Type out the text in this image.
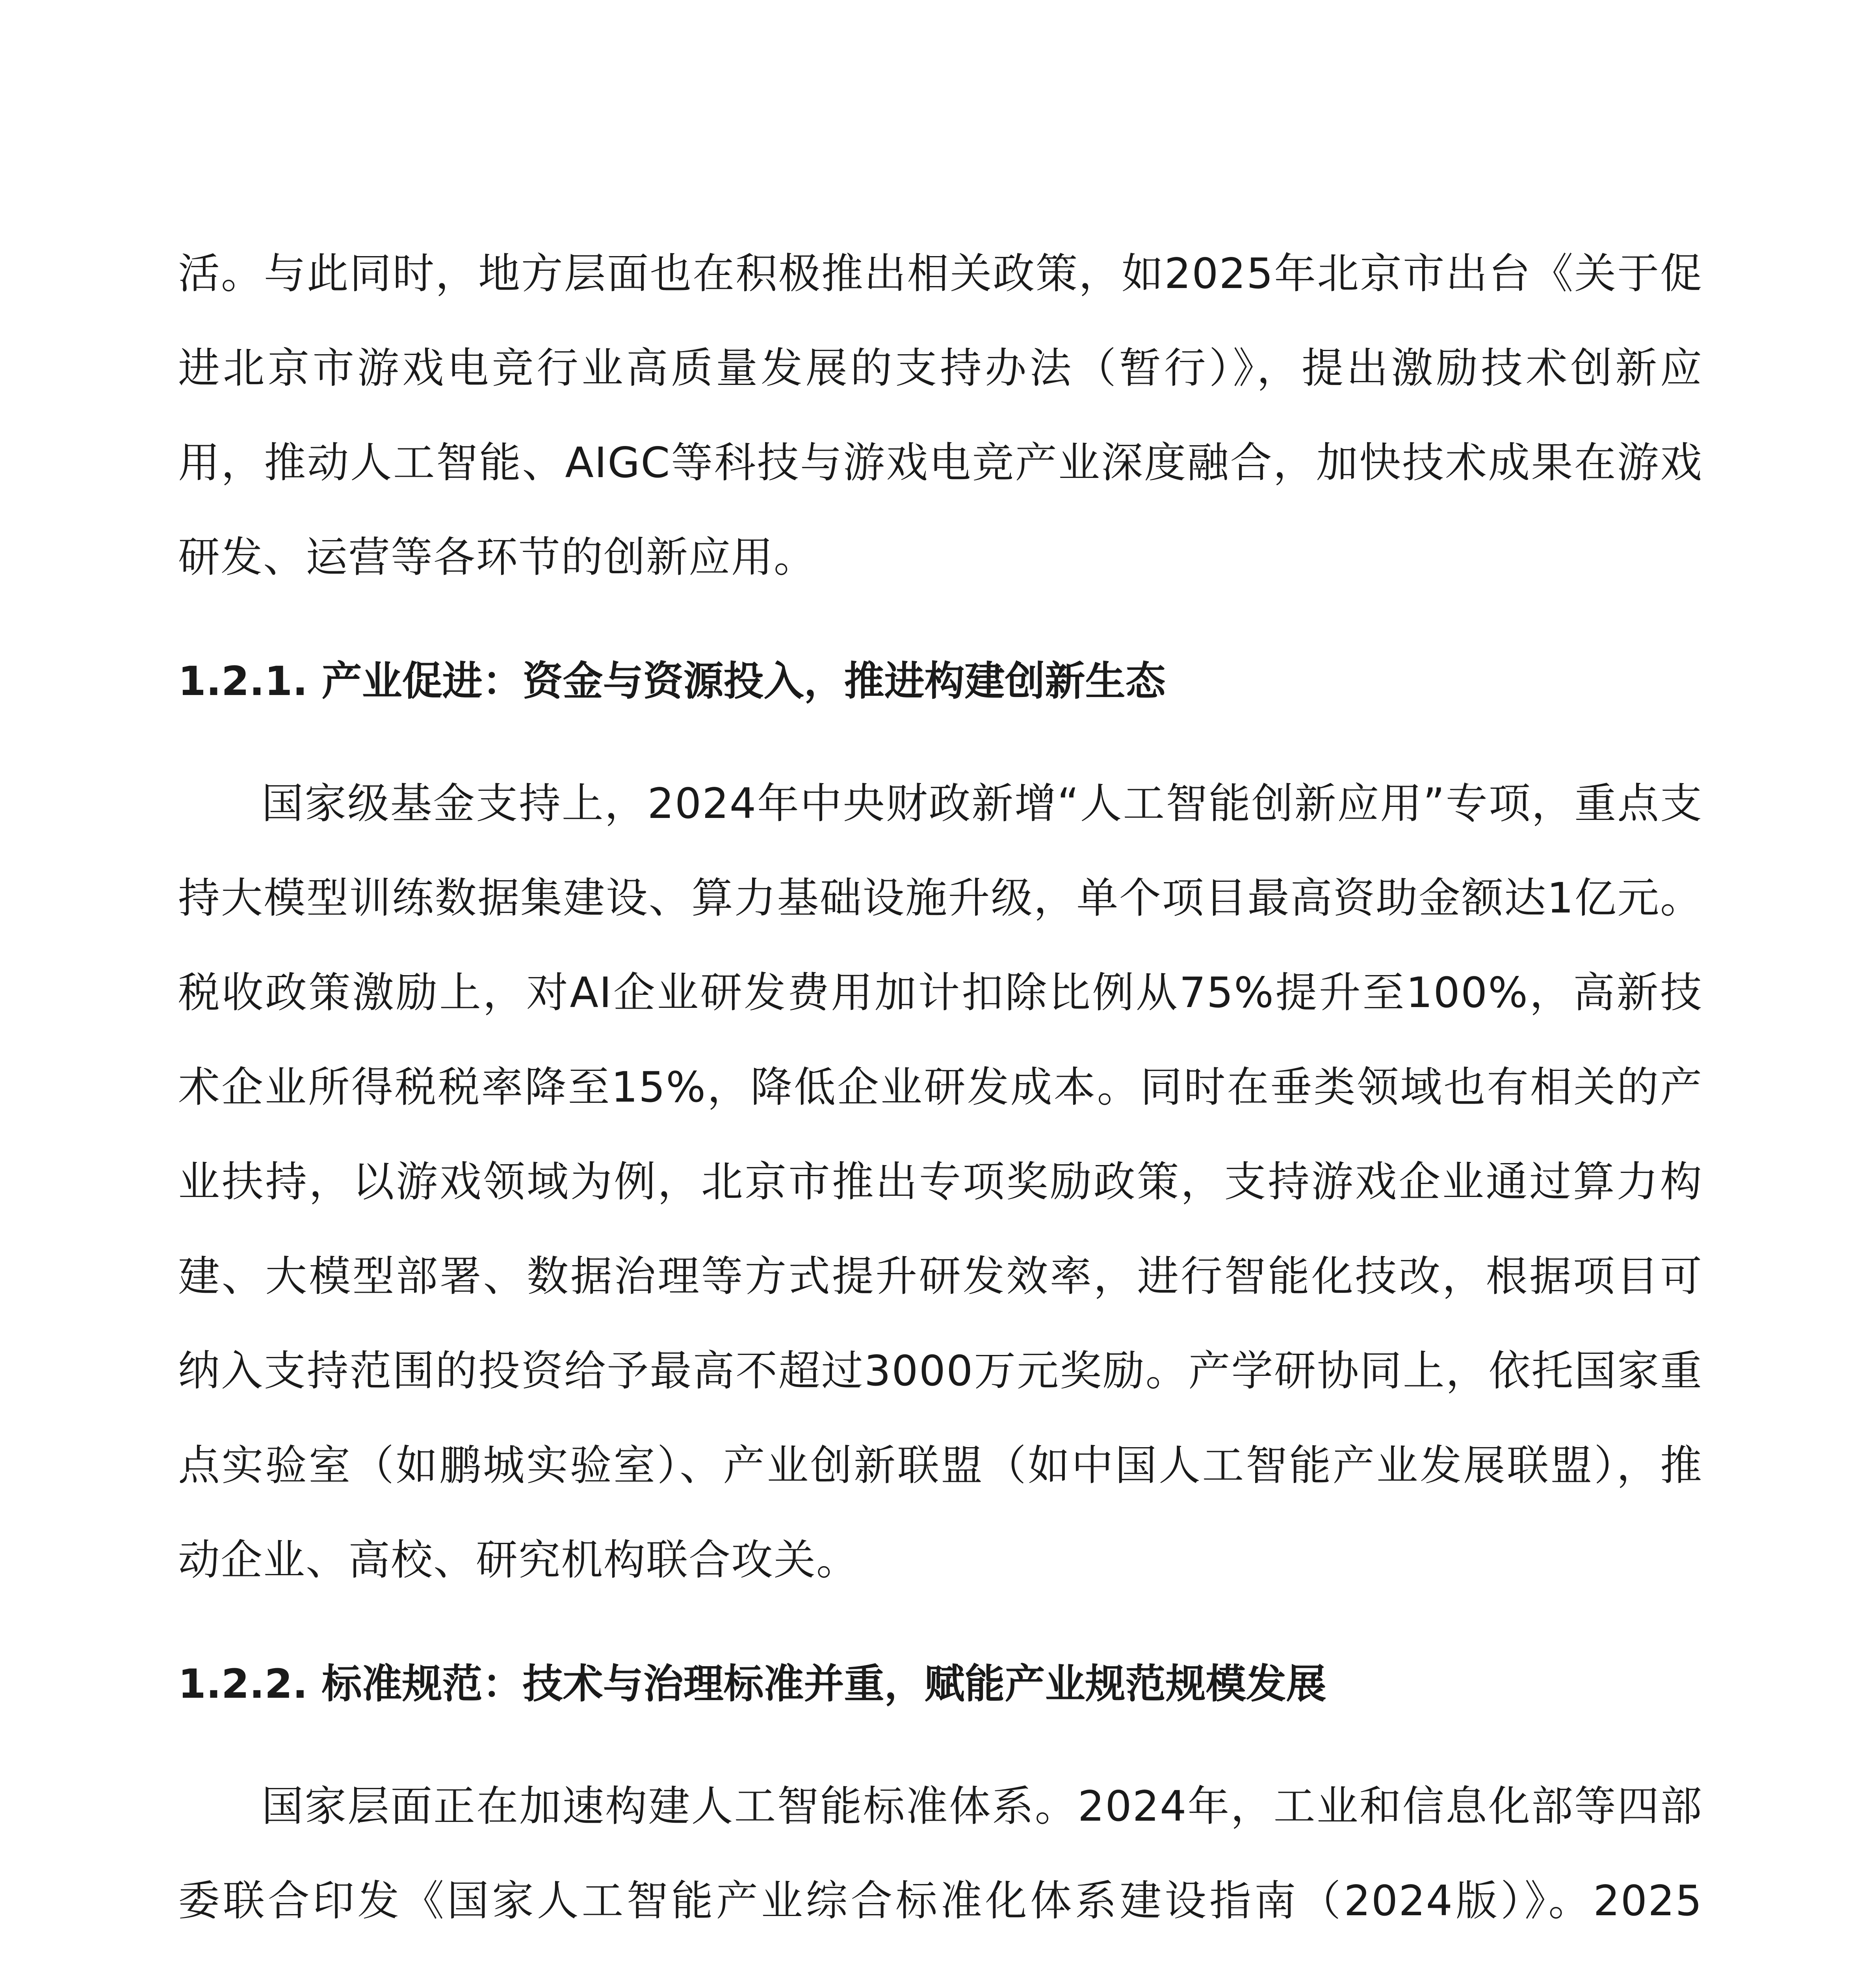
活。与此同时，地方层面也在积极推出相关政策，如2025年北京市出台《关于促进北京市游戏电竞行业高质量发展的支持办法（暂行）》，提出激励技术创新应用，推动人工智能、AIGC等科技与游戏电竞产业深度融合，加快技术成果在游戏研发、运营等各环节的创新应用。

1.2.1. 产业促进：资金与资源投入，推进构建创新生态

国家级基金支持上，2024年中央财政新增“人工智能创新应用”专项，重点支持大模型训练数据集建设、算力基础设施升级，单个项目最高资助金额达1亿元。税收政策激励上，对AI企业研发费用加计扣除比例从75%提升至100%，高新技术企业所得税税率降至15%，降低企业研发成本。同时在垂类领域也有相关的产业扶持，以游戏领域为例，北京市推出专项奖励政策，支持游戏企业通过算力构建、大模型部署、数据治理等方式提升研发效率，进行智能化技改，根据项目可纳入支持范围的投资给予最高不超过3000万元奖励。产学研协同上，依托国家重点实验室（如鹏城实验室）、产业创新联盟（如中国人工智能产业发展联盟），推动企业、高校、研究机构联合攻关。

1.2.2. 标准规范：技术与治理标准并重，赋能产业规范规模发展

国家层面正在加速构建人工智能标准体系。2024年，工业和信息化部等四部委联合印发《国家人工智能产业综合标准化体系建设指南（2024版）》。2025
